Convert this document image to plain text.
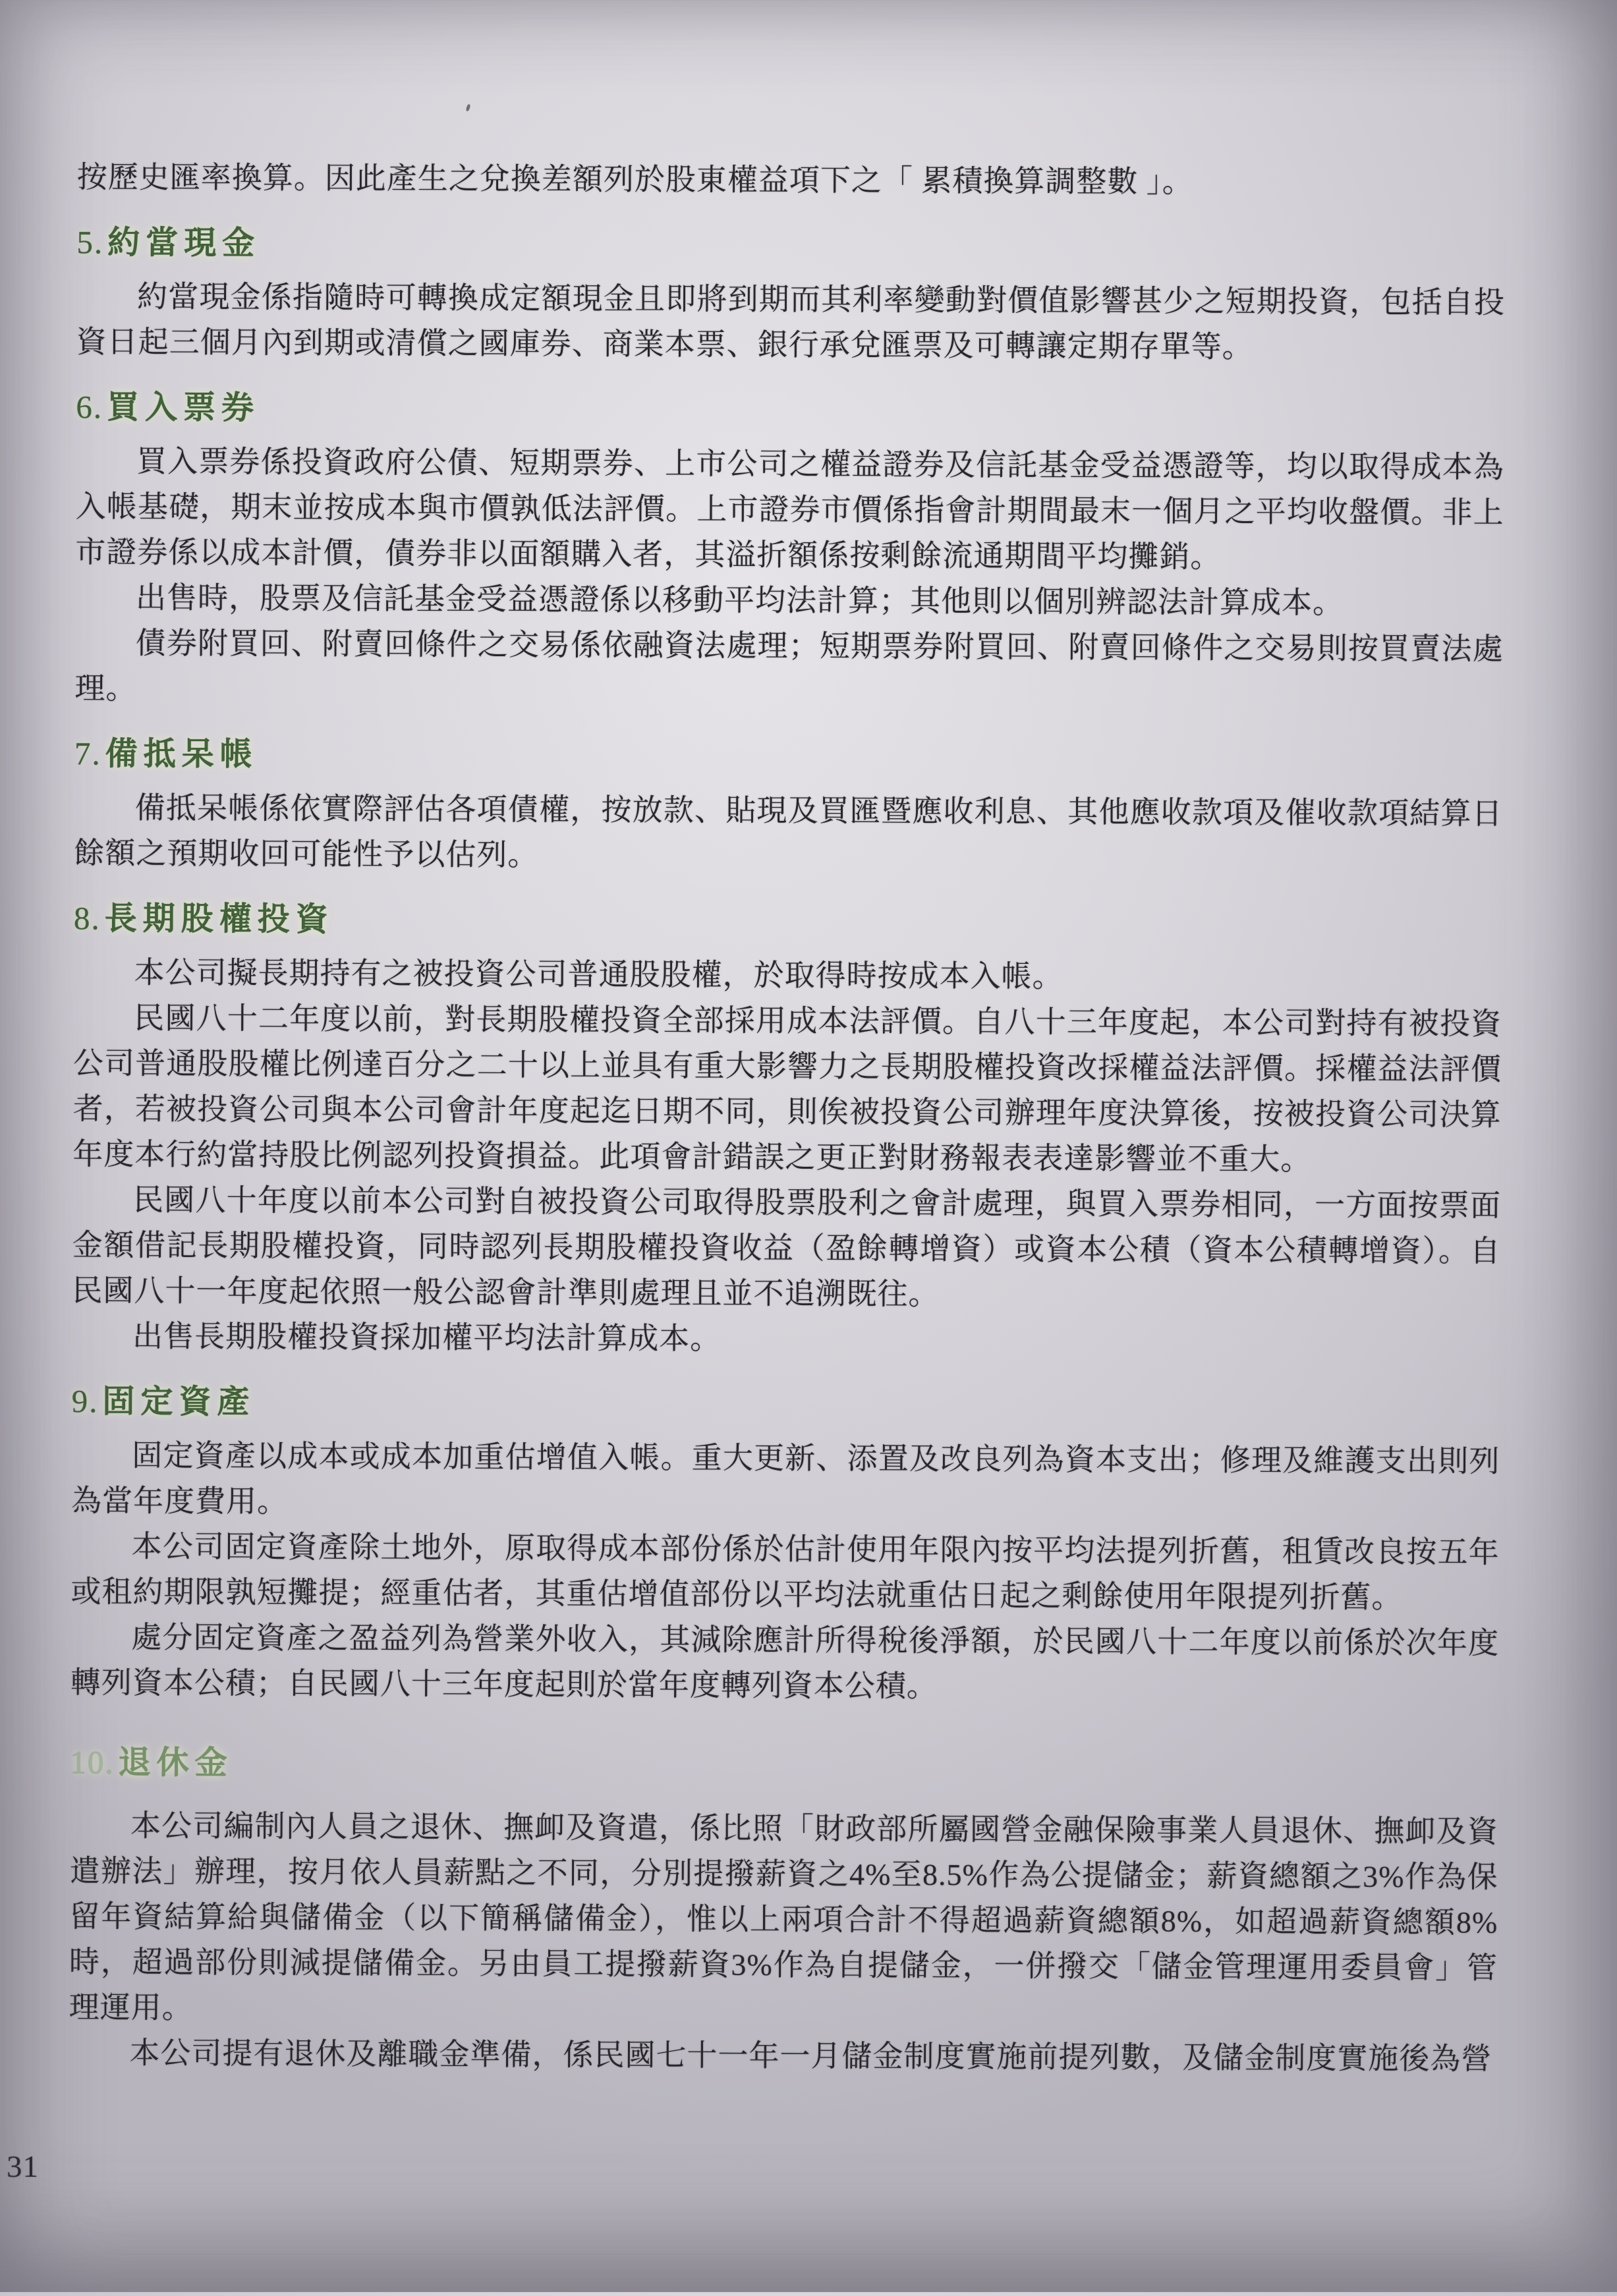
按歷史匯率換算。因此產生之兌換差額列於股東權益項下之「 累積換算調整數 」。

5. 約當現金

約當現金係指隨時可轉換成定額現金且即將到期而其利率變動對價值影響甚少之短期投資，包括自投資日起三個月內到期或清償之國庫券、商業本票、銀行承兌匯票及可轉讓定期存單等。

6. 買入票券

買入票券係投資政府公債、短期票券、上市公司之權益證券及信託基金受益憑證等，均以取得成本為入帳基礎，期末並按成本與市價孰低法評價。上市證券市價係指會計期間最末一個月之平均收盤價。非上市證券係以成本計價，債券非以面額購入者，其溢折額係按剩餘流通期間平均攤銷。

出售時，股票及信託基金受益憑證係以移動平均法計算；其他則以個別辨認法計算成本。

債券附買回、附賣回條件之交易係依融資法處理；短期票券附買回、附賣回條件之交易則按買賣法處理。

7. 備抵呆帳

備抵呆帳係依實際評估各項債權，按放款、貼現及買匯暨應收利息、其他應收款項及催收款項結算日餘額之預期收回可能性予以估列。

8. 長期股權投資

本公司擬長期持有之被投資公司普通股股權，於取得時按成本入帳。

民國八十二年度以前，對長期股權投資全部採用成本法評價。自八十三年度起，本公司對持有被投資公司普通股股權比例達百分之二十以上並具有重大影響力之長期股權投資改採權益法評價。採權益法評價者，若被投資公司與本公司會計年度起迄日期不同，則俟被投資公司辦理年度決算後，按被投資公司決算年度本行約當持股比例認列投資損益。此項會計錯誤之更正對財務報表表達影響並不重大。

民國八十年度以前本公司對自被投資公司取得股票股利之會計處理，與買入票券相同，一方面按票面金額借記長期股權投資，同時認列長期股權投資收益（盈餘轉增資）或資本公積（資本公積轉增資）。自民國八十一年度起依照一般公認會計準則處理且並不追溯既往。

出售長期股權投資採加權平均法計算成本。

9. 固定資產

固定資產以成本或成本加重估增值入帳。重大更新、添置及改良列為資本支出；修理及維護支出則列為當年度費用。

本公司固定資產除土地外，原取得成本部份係於估計使用年限內按平均法提列折舊，租賃改良按五年或租約期限孰短攤提；經重估者，其重估增值部份以平均法就重估日起之剩餘使用年限提列折舊。

處分固定資產之盈益列為營業外收入，其減除應計所得稅後淨額，於民國八十二年度以前係於次年度轉列資本公積；自民國八十三年度起則於當年度轉列資本公積。

10. 退休金

本公司編制內人員之退休、撫卹及資遣，係比照「財政部所屬國營金融保險事業人員退休、撫卹及資遣辦法」辦理，按月依人員薪點之不同，分別提撥薪資之4%至8.5%作為公提儲金；薪資總額之3%作為保留年資結算給與儲備金（以下簡稱儲備金），惟以上兩項合計不得超過薪資總額8%，如超過薪資總額8%時，超過部份則減提儲備金。另由員工提撥薪資3%作為自提儲金，一併撥交「儲金管理運用委員會」管理運用。

本公司提有退休及離職金準備，係民國七十一年一月儲金制度實施前提列數，及儲金制度實施後為營

31
